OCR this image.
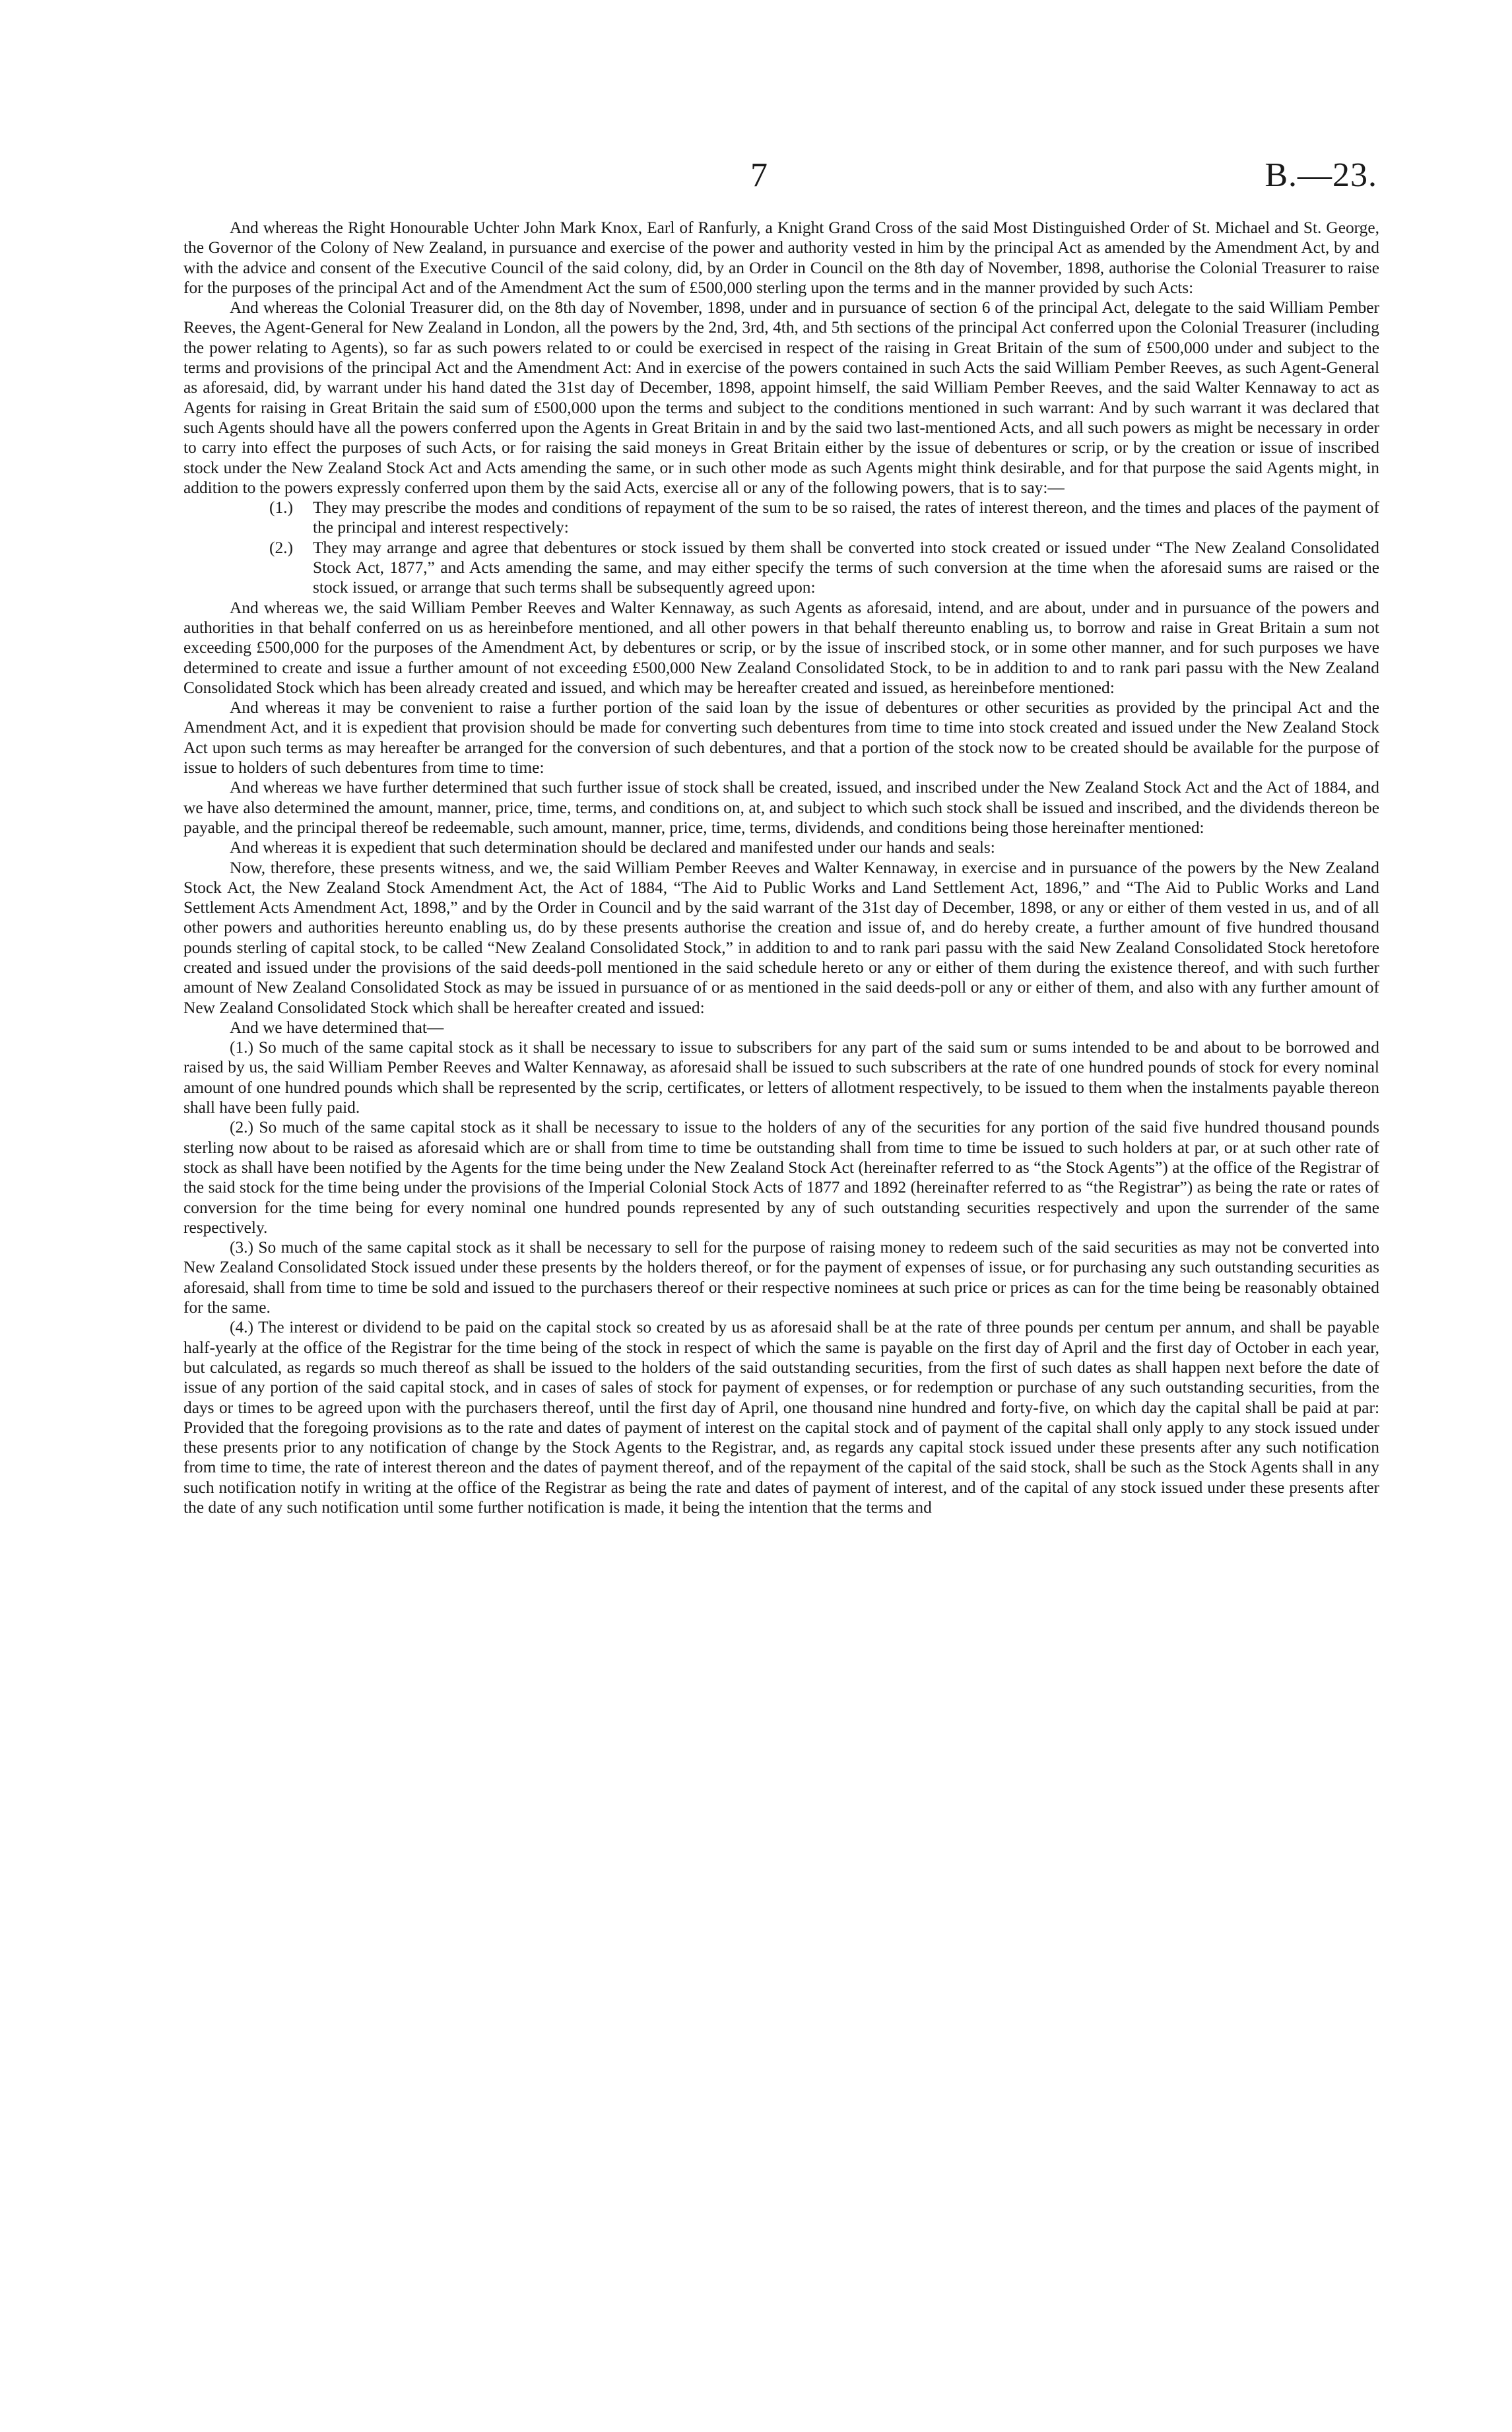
7	B.—23.

And whereas the Right Honourable Uchter John Mark Knox, Earl of Ranfurly, a Knight Grand Cross of the said Most Distinguished Order of St. Michael and St. George, the Governor of the Colony of New Zealand, in pursuance and exercise of the power and authority vested in him by the principal Act as amended by the Amendment Act, by and with the advice and consent of the Executive Council of the said colony, did, by an Order in Council on the 8th day of November, 1898, authorise the Colonial Treasurer to raise for the purposes of the principal Act and of the Amendment Act the sum of £500,000 sterling upon the terms and in the manner provided by such Acts:

And whereas the Colonial Treasurer did, on the 8th day of November, 1898, under and in pursuance of section 6 of the principal Act, delegate to the said William Pember Reeves, the Agent-General for New Zealand in London, all the powers by the 2nd, 3rd, 4th, and 5th sections of the principal Act conferred upon the Colonial Treasurer (including the power relating to Agents), so far as such powers related to or could be exercised in respect of the raising in Great Britain of the sum of £500,000 under and subject to the terms and provisions of the principal Act and the Amendment Act: And in exercise of the powers contained in such Acts the said William Pember Reeves, as such Agent-General as aforesaid, did, by warrant under his hand dated the 31st day of December, 1898, appoint himself, the said William Pember Reeves, and the said Walter Kennaway to act as Agents for raising in Great Britain the said sum of £500,000 upon the terms and subject to the conditions mentioned in such warrant: And by such warrant it was declared that such Agents should have all the powers conferred upon the Agents in Great Britain in and by the said two last-mentioned Acts, and all such powers as might be necessary in order to carry into effect the purposes of such Acts, or for raising the said moneys in Great Britain either by the issue of debentures or scrip, or by the creation or issue of inscribed stock under the New Zealand Stock Act and Acts amending the same, or in such other mode as such Agents might think desirable, and for that purpose the said Agents might, in addition to the powers expressly conferred upon them by the said Acts, exercise all or any of the following powers, that is to say:—

(1.) They may prescribe the modes and conditions of repayment of the sum to be so raised, the rates of interest thereon, and the times and places of the payment of the principal and interest respectively:

(2.) They may arrange and agree that debentures or stock issued by them shall be converted into stock created or issued under “The New Zealand Consolidated Stock Act, 1877,” and Acts amending the same, and may either specify the terms of such conversion at the time when the aforesaid sums are raised or the stock issued, or arrange that such terms shall be subsequently agreed upon:

And whereas we, the said William Pember Reeves and Walter Kennaway, as such Agents as aforesaid, intend, and are about, under and in pursuance of the powers and authorities in that behalf conferred on us as hereinbefore mentioned, and all other powers in that behalf thereunto enabling us, to borrow and raise in Great Britain a sum not exceeding £500,000 for the purposes of the Amendment Act, by debentures or scrip, or by the issue of inscribed stock, or in some other manner, and for such purposes we have determined to create and issue a further amount of not exceeding £500,000 New Zealand Consolidated Stock, to be in addition to and to rank pari passu with the New Zealand Consolidated Stock which has been already created and issued, and which may be hereafter created and issued, as hereinbefore mentioned:

And whereas it may be convenient to raise a further portion of the said loan by the issue of debentures or other securities as provided by the principal Act and the Amendment Act, and it is expedient that provision should be made for converting such debentures from time to time into stock created and issued under the New Zealand Stock Act upon such terms as may hereafter be arranged for the conversion of such debentures, and that a portion of the stock now to be created should be available for the purpose of issue to holders of such debentures from time to time:

And whereas we have further determined that such further issue of stock shall be created, issued, and inscribed under the New Zealand Stock Act and the Act of 1884, and we have also determined the amount, manner, price, time, terms, and conditions on, at, and subject to which such stock shall be issued and inscribed, and the dividends thereon be payable, and the principal thereof be redeemable, such amount, manner, price, time, terms, dividends, and conditions being those hereinafter mentioned:

And whereas it is expedient that such determination should be declared and manifested under our hands and seals:

Now, therefore, these presents witness, and we, the said William Pember Reeves and Walter Kennaway, in exercise and in pursuance of the powers by the New Zealand Stock Act, the New Zealand Stock Amendment Act, the Act of 1884, “The Aid to Public Works and Land Settlement Act, 1896,” and “The Aid to Public Works and Land Settlement Acts Amendment Act, 1898,” and by the Order in Council and by the said warrant of the 31st day of December, 1898, or any or either of them vested in us, and of all other powers and authorities hereunto enabling us, do by these presents authorise the creation and issue of, and do hereby create, a further amount of five hundred thousand pounds sterling of capital stock, to be called “New Zealand Consolidated Stock,” in addition to and to rank pari passu with the said New Zealand Consolidated Stock heretofore created and issued under the provisions of the said deeds-poll mentioned in the said schedule hereto or any or either of them during the existence thereof, and with such further amount of New Zealand Consolidated Stock as may be issued in pursuance of or as mentioned in the said deeds-poll or any or either of them, and also with any further amount of New Zealand Consolidated Stock which shall be hereafter created and issued:

And we have determined that—

(1.) So much of the same capital stock as it shall be necessary to issue to subscribers for any part of the said sum or sums intended to be and about to be borrowed and raised by us, the said William Pember Reeves and Walter Kennaway, as aforesaid shall be issued to such subscribers at the rate of one hundred pounds of stock for every nominal amount of one hundred pounds which shall be represented by the scrip, certificates, or letters of allotment respectively, to be issued to them when the instalments payable thereon shall have been fully paid.

(2.) So much of the same capital stock as it shall be necessary to issue to the holders of any of the securities for any portion of the said five hundred thousand pounds sterling now about to be raised as aforesaid which are or shall from time to time be outstanding shall from time to time be issued to such holders at par, or at such other rate of stock as shall have been notified by the Agents for the time being under the New Zealand Stock Act (hereinafter referred to as “the Stock Agents”) at the office of the Registrar of the said stock for the time being under the provisions of the Imperial Colonial Stock Acts of 1877 and 1892 (hereinafter referred to as “the Registrar”) as being the rate or rates of conversion for the time being for every nominal one hundred pounds represented by any of such outstanding securities respectively and upon the surrender of the same respectively.

(3.) So much of the same capital stock as it shall be necessary to sell for the purpose of raising money to redeem such of the said securities as may not be converted into New Zealand Consolidated Stock issued under these presents by the holders thereof, or for the payment of expenses of issue, or for purchasing any such outstanding securities as aforesaid, shall from time to time be sold and issued to the purchasers thereof or their respective nominees at such price or prices as can for the time being be reasonably obtained for the same.

(4.) The interest or dividend to be paid on the capital stock so created by us as aforesaid shall be at the rate of three pounds per centum per annum, and shall be payable half-yearly at the office of the Registrar for the time being of the stock in respect of which the same is payable on the first day of April and the first day of October in each year, but calculated, as regards so much thereof as shall be issued to the holders of the said outstanding securities, from the first of such dates as shall happen next before the date of issue of any portion of the said capital stock, and in cases of sales of stock for payment of expenses, or for redemption or purchase of any such outstanding securities, from the days or times to be agreed upon with the purchasers thereof, until the first day of April, one thousand nine hundred and forty-five, on which day the capital shall be paid at par: Provided that the foregoing provisions as to the rate and dates of payment of interest on the capital stock and of payment of the capital shall only apply to any stock issued under these presents prior to any notification of change by the Stock Agents to the Registrar, and, as regards any capital stock issued under these presents after any such notification from time to time, the rate of interest thereon and the dates of payment thereof, and of the repayment of the capital of the said stock, shall be such as the Stock Agents shall in any such notification notify in writing at the office of the Registrar as being the rate and dates of payment of interest, and of the capital of any stock issued under these presents after the date of any such notification until some further notification is made, it being the intention that the terms and
